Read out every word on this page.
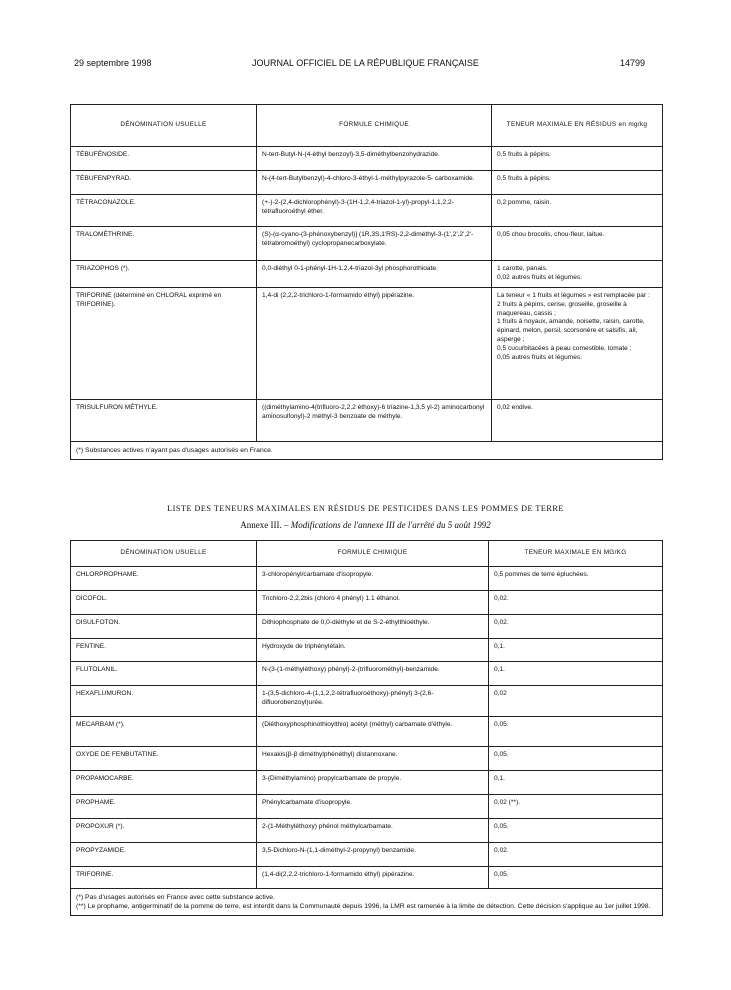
29 septembre 1998	JOURNAL OFFICIEL DE LA RÉPUBLIQUE FRANÇAISE	14799
DÉNOMINATION USUELLE	FORMULE CHIMIQUE	TENEUR MAXIMALE EN RÉSIDUS en mg/kg
TÉBUFÉNOSIDE.	N-tert-Butyl-N-(4-éthyl benzoyl)-3,5-diméthylbenzohydrazide.	0,5 fruits à pépins.

TÉBUFENPYRAD.	N-(4-tert-Butylbenzyl)-4-chloro-3-éthyl-1-méthylpyrazole-5- carboxamide.	0,5 fruits à pépins.

TÉTRACONAZOLE.	(+-)-2-(2,4-dichlorophényl)-3-(1H-1,2,4-triazol-1-yl)-propyl-1,1,2,2-tétrafluoroéthyl éther.	0,2 pomme, raisin.

TRALOMÉTHRINE.	(S)-(α-cyano-(3-phénoxybenzyl)] (1R,3S,1'RS)-2,2-diméthyl-3-(1',2',2',2'-tétrabromoéthyl) cyclopropanecarboxylate.	0,05 chou brocolis, chou-fleur, laitue.

TRIAZOPHOS (*).	0,0-diéthyl 0-1-phényl-1H-1,2,4-triazol-3yl phosphorothioate.	1 carotte, panais.
0,02 autres fruits et légumes.

TRIFORINE (déterminé en CHLORAL exprimé en TRIFORINE).	1,4-di (2,2,2-trichloro-1-formamido éthyl) pipérazine.	La teneur « 1 fruits et légumes » est remplacée par :
2 fruits à pépins, cerise, groseille, groseille à maquereau, cassis ;
1 fruits à noyaux, amande, noisette, raisin, carotte, épinard, melon, persil, scorsonère et salsifis, ail, asperge ;
0,5 cucurbitacées à peau comestible, tomate ;
0,05 autres fruits et légumes.

TRISULFURON MÉTHYLE.	((diméthylamino-4(trifluoro-2,2,2 éthoxy)-6 triazine-1,3,5 yl-2) aminocarbonyl aminosulfonyl)-2 méthyl-3 benzoate de méthyle.	0,02 endive.

(*) Substances actives n'ayant pas d'usages autorisés en France.		
LISTE DES TENEURS MAXIMALES EN RÉSIDUS DE PESTICIDES DANS LES POMMES DE TERRE
Annexe III. – Modifications de l'annexe III de l'arrêté du 5 août 1992
DÉNOMINATION USUELLE	FORMULE CHIMIQUE	TENEUR MAXIMALE EN MG/KG
CHLORPROPHAME.	3-chloropényl/carbamate d'isopropyle.	0,5 pommes de terre épluchées.
DICOFOL.	Trichloro-2,2,2bis (chloro 4 phényl) 1.1 éthanol.	0,02.
DISULFOTON.	Dithiophosphate de 0,0-diéthyle et de S-2-éthylthioéthyle.	0,02.
FENTINE.	Hydroxyde de triphénylétain.	0,1.
FLUTOLANIL.	N-(3-(1-méthyléthoxy) phényl)-2-(trifluorométhyl)-benzamide.	0,1.
HEXAFLUMURON.	1-(3,5-dichloro-4-(1,1,2,2-tétrafluoroéthoxy)-phényl) 3-(2,6-difluorobenzoyl)urée.	0,02
MECARBAM (*).	(Diéthoxyphosphinothioylthio) acétyl (méthyl) carbamate d'éthyle.	0,05.
OXYDE DE FENBUTATINE.	Hexakis(β-β diméthylphénéthyl) distannoxane.	0,05.
PROPAMOCARBE.	3-(Diméthylamino) propylcarbamate de propyle.	0,1.
PROPHAME.	Phénylcarbamate d'isopropyle.	0,02 (**).
PROPOXUR (*).	2-(1-Méthyléthoxy) phénol méthylcarbamate.	0,05.
PROPYZAMIDE.	3,5-Dichloro-N-(1,1-diméthyl-2-propynyl) benzamide.	0,02.
TRIFORINE.	(1,4-di(2,2,2-trichloro-1-formamido éthyl) pipérazine.	0,05.

(*) Pas d'usages autorisés en France avec cette substance active.
(**) Le prophame, antigerminatif de la pomme de terre, est interdit dans la Communauté depuis 1996, la LMR est ramenée à la limite de détection. Cette décision s'applique au 1er juillet 1998.		
